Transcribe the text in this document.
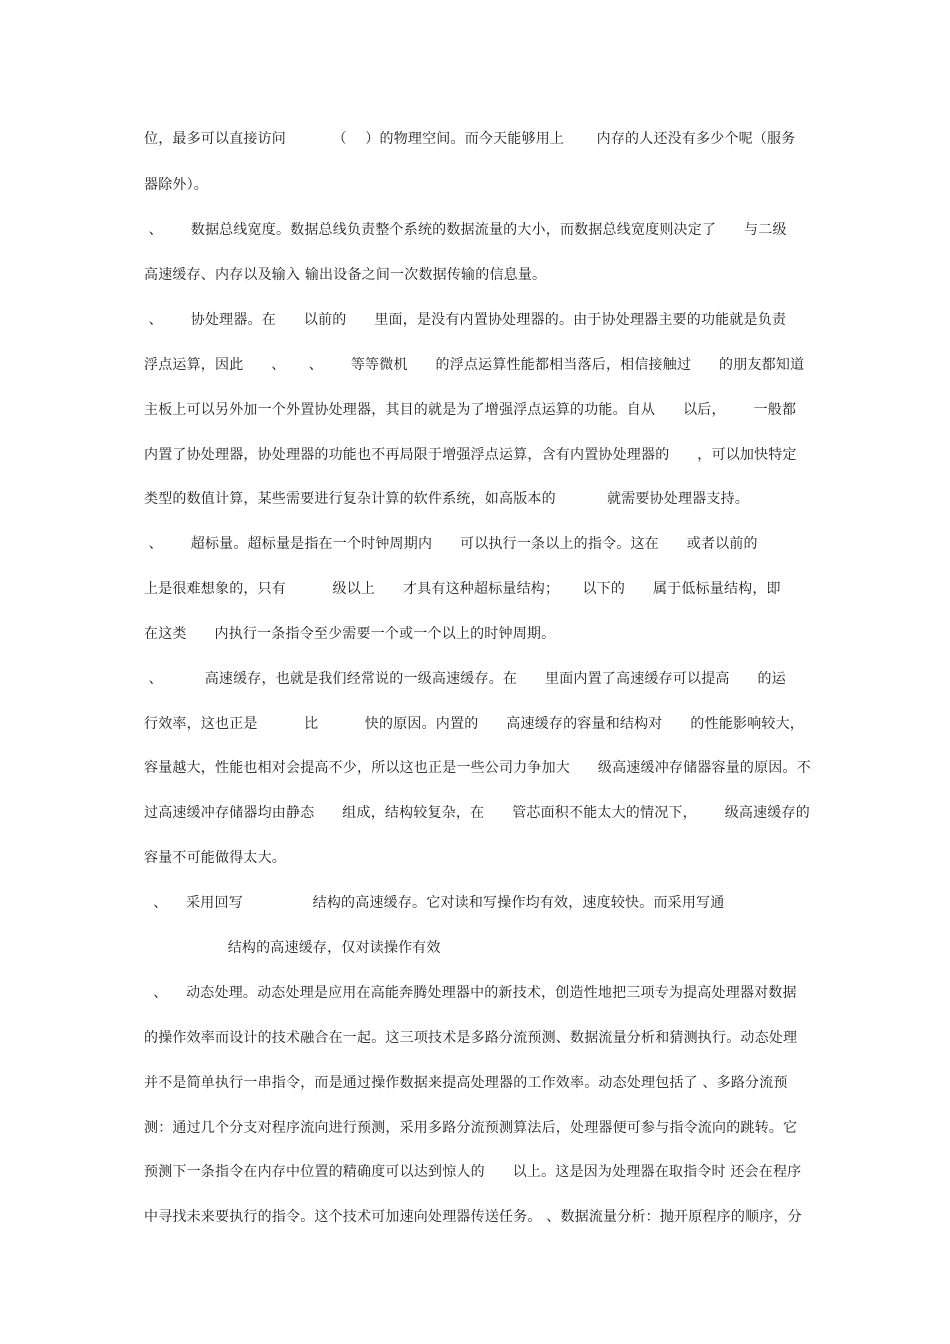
位，最多可以直接访问          （    ）的物理空间。而今天能够用上       内存的人还没有多少个呢（服务
器除外）。
、      数据总线宽度。数据总线负责整个系统的数据流量的大小，而数据总线宽度则决定了      与二级
高速缓存、内存以及输入 输出设备之间一次数据传输的信息量。
、      协处理器。在      以前的      里面，是没有内置协处理器的。由于协处理器主要的功能就是负责
浮点运算，因此      、     、      等等微机      的浮点运算性能都相当落后，相信接触过      的朋友都知道
主板上可以另外加一个外置协处理器，其目的就是为了增强浮点运算的功能。自从      以后，      一般都
内置了协处理器，协处理器的功能也不再局限于增强浮点运算，含有内置协处理器的      ，可以加快特定
类型的数值计算，某些需要进行复杂计算的软件系统，如高版本的           就需要协处理器支持。
、      超标量。超标量是指在一个时钟周期内      可以执行一条以上的指令。这在      或者以前的
上是很难想象的，只有          级以上      才具有这种超标量结构；     以下的      属于低标量结构，即
在这类      内执行一条指令至少需要一个或一个以上的时钟周期。
、         高速缓存，也就是我们经常说的一级高速缓存。在      里面内置了高速缓存可以提高      的运
行效率，这也正是          比          快的原因。内置的      高速缓存的容量和结构对      的性能影响较大，
容量越大，性能也相对会提高不少，所以这也正是一些公司力争加大      级高速缓冲存储器容量的原因。不
过高速缓冲存储器均由静态      组成，结构较复杂，在      管芯面积不能太大的情况下，      级高速缓存的
容量不可能做得太大。
、    采用回写               结构的高速缓存。它对读和写操作均有效，速度较快。而采用写通
结构的高速缓存，仅对读操作有效
、    动态处理。动态处理是应用在高能奔腾处理器中的新技术，创造性地把三项专为提高处理器对数据
的操作效率而设计的技术融合在一起。这三项技术是多路分流预测、数据流量分析和猜测执行。动态处理
并不是简单执行一串指令，而是通过操作数据来提高处理器的工作效率。动态处理包括了 、多路分流预
测：通过几个分支对程序流向进行预测，采用多路分流预测算法后，处理器便可参与指令流向的跳转。它
预测下一条指令在内存中位置的精确度可以达到惊人的      以上。这是因为处理器在取指令时 还会在程序
中寻找未来要执行的指令。这个技术可加速向处理器传送任务。 、数据流量分析：抛开原程序的顺序，分
